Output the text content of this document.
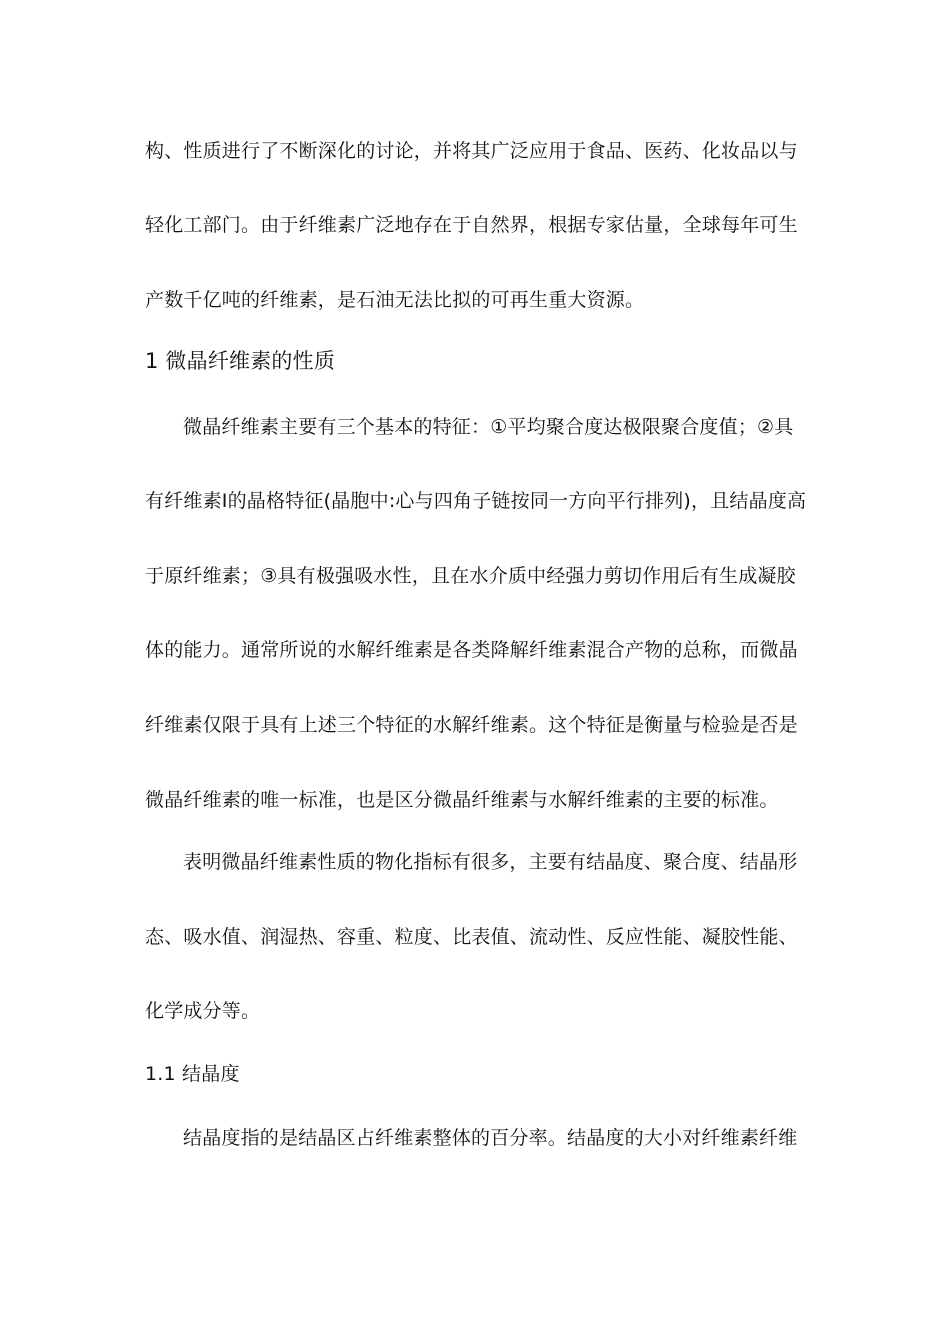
构、性质进行了不断深化的讨论，并将其广泛应用于食品、医药、化妆品以与
轻化工部门。由于纤维素广泛地存在于自然界，根据专家估量，全球每年可生
产数千亿吨的纤维素，是石油无法比拟的可再生重大资源。
1 微晶纤维素的性质
微晶纤维素主要有三个基本的特征：①平均聚合度达极限聚合度值；②具
有纤维素Ⅰ的晶格特征(晶胞中:心与四角子链按同一方向平行排列)，且结晶度高
于原纤维素；③具有极强吸水性，且在水介质中经强力剪切作用后有生成凝胶
体的能力。通常所说的水解纤维素是各类降解纤维素混合产物的总称，而微晶
纤维素仅限于具有上述三个特征的水解纤维素。这个特征是衡量与检验是否是
微晶纤维素的唯一标准，也是区分微晶纤维素与水解纤维素的主要的标准。
表明微晶纤维素性质的物化指标有很多，主要有结晶度、聚合度、结晶形
态、吸水值、润湿热、容重、粒度、比表值、流动性、反应性能、凝胶性能、
化学成分等。
1.1 结晶度
结晶度指的是结晶区占纤维素整体的百分率。结晶度的大小对纤维素纤维
